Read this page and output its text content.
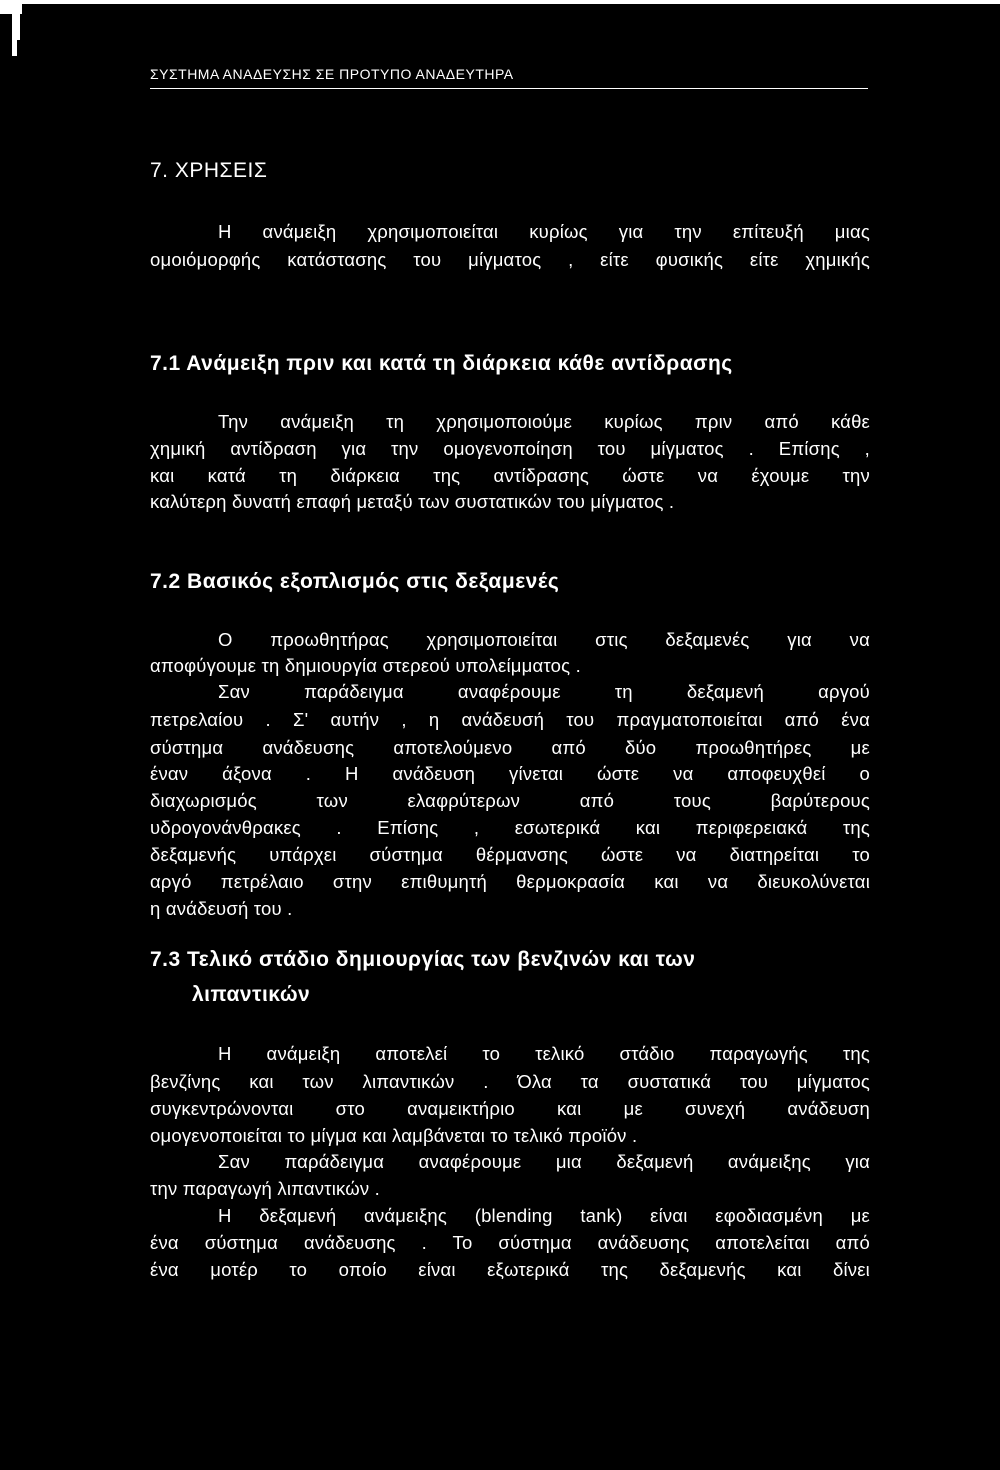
ΣΥΣΤΗΜΑ ΑΝΑΔΕΥΣΗΣ ΣΕ ΠΡΟΤΥΠΟ ΑΝΑΔΕΥΤΗΡΑ
7. ΧΡΗΣΕΙΣ
Η ανάμειξη χρησιμοποιείται κυρίως για την επίτευξή μιας
ομοιόμορφής κατάστασης του μίγματος , είτε φυσικής είτε χημικής
7.1 Ανάμειξη πριν και κατά τη διάρκεια κάθε αντίδρασης
Την ανάμειξη τη χρησιμοποιούμε κυρίως πριν από κάθε
χημική αντίδραση για την ομογενοποίηση του μίγματος . Επίσης ,
και κατά τη διάρκεια της αντίδρασης ώστε να έχουμε την
καλύτερη δυνατή επαφή μεταξύ των συστατικών του μίγματος .
7.2 Βασικός εξοπλισμός στις δεξαμενές
Ο προωθητήρας χρησιμοποιείται στις δεξαμενές για να
αποφύγουμε τη δημιουργία στερεού υπολείμματος .
Σαν παράδειγμα αναφέρουμε τη δεξαμενή αργού
πετρελαίου . Σ' αυτήν , η ανάδευσή του πραγματοποιείται από ένα
σύστημα ανάδευσης αποτελούμενο από δύο προωθητήρες με
έναν άξονα . Η ανάδευση γίνεται ώστε να αποφευχθεί ο
διαχωρισμός των ελαφρύτερων από τους βαρύτερους
υδρογονάνθρακες . Επίσης , εσωτερικά και περιφερειακά της
δεξαμενής υπάρχει σύστημα θέρμανσης ώστε να διατηρείται το
αργό πετρέλαιο στην επιθυμητή θερμοκρασία και να διευκολύνεται
η ανάδευσή του .
7.3 Τελικό στάδιο δημιουργίας των βενζινών και των
λιπαντικών
Η ανάμειξη αποτελεί το τελικό στάδιο παραγωγής της
βενζίνης και των λιπαντικών . Όλα τα συστατικά του μίγματος
συγκεντρώνονται στο αναμεικτήριο και με συνεχή ανάδευση
ομογενοποιείται το μίγμα και λαμβάνεται το τελικό προϊόν .
Σαν παράδειγμα αναφέρουμε μια δεξαμενή ανάμειξης για
την παραγωγή λιπαντικών .
Η δεξαμενή ανάμειξης (blending tank) είναι εφοδιασμένη με
ένα σύστημα ανάδευσης . Το σύστημα ανάδευσης αποτελείται από
ένα μοτέρ το οποίο είναι εξωτερικά της δεξαμενής και δίνει
